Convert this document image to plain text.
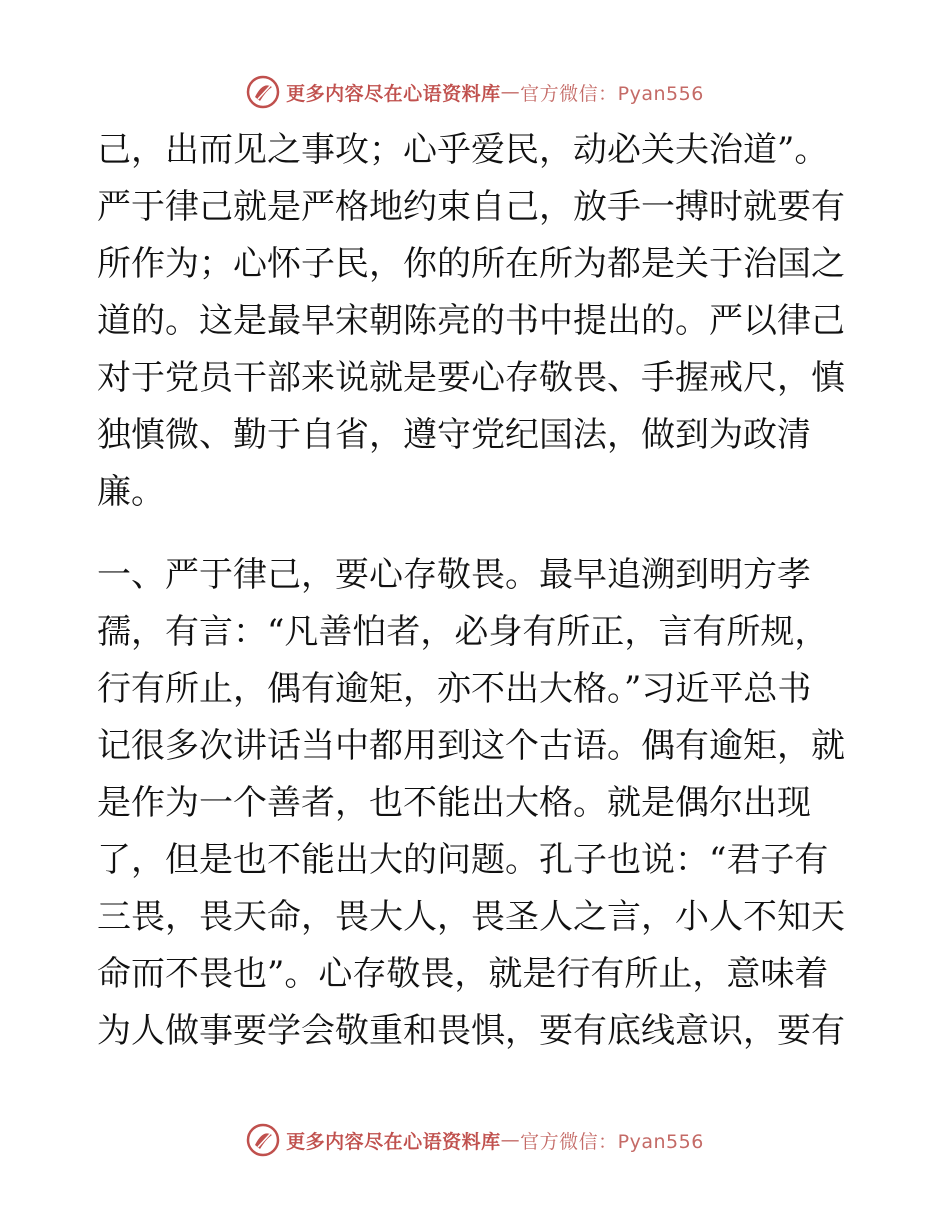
更多内容尽在心语资料库 — 官方微信：Pyan556
己，出而见之事攻；心乎爱民，动必关夫治道”。
严于律己就是严格地约束自己，放手一搏时就要有
所作为；心怀子民，你的所在所为都是关于治国之
道的。这是最早宋朝陈亮的书中提出的。严以律己
对于党员干部来说就是要心存敬畏、手握戒尺，慎
独慎微、勤于自省，遵守党纪国法，做到为政清
廉。
一、严于律己，要心存敬畏。最早追溯到明方孝
孺，有言：“凡善怕者，必身有所正，言有所规，
行有所止，偶有逾矩，亦不出大格。”习近平总书
记很多次讲话当中都用到这个古语。偶有逾矩，就
是作为一个善者，也不能出大格。就是偶尔出现
了，但是也不能出大的问题。孔子也说：“君子有
三畏，畏天命，畏大人，畏圣人之言，小人不知天
命而不畏也”。心存敬畏，就是行有所止，意味着
为人做事要学会敬重和畏惧，要有底线意识，要有
更多内容尽在心语资料库 — 官方微信：Pyan556
